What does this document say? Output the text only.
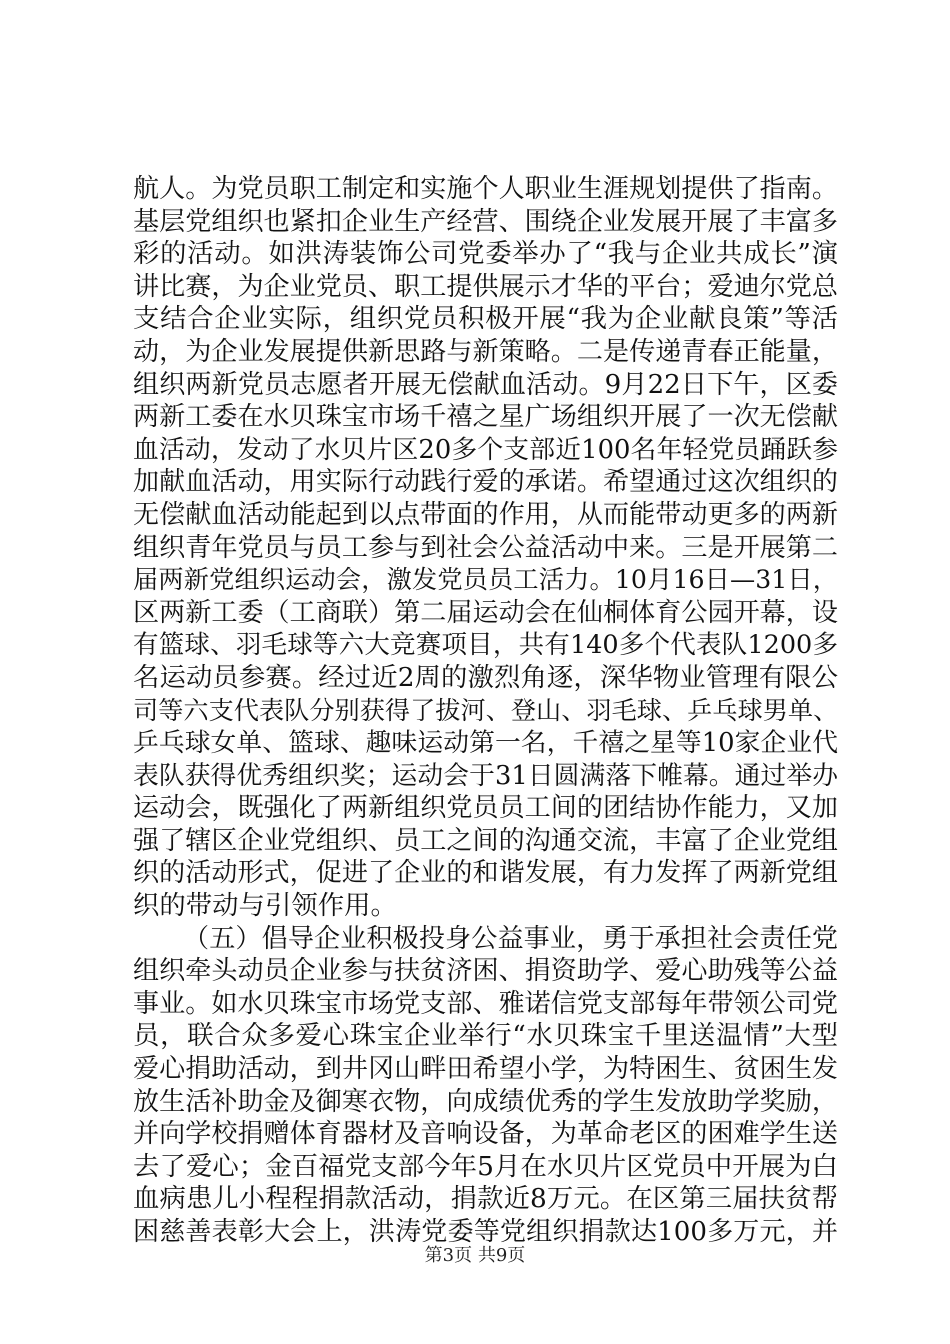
航人。为党员职工制定和实施个人职业生涯规划提供了指南。
基层党组织也紧扣企业生产经营、围绕企业发展开展了丰富多
彩的活动。如洪涛装饰公司党委举办了“我与企业共成长”演
讲比赛，为企业党员、职工提供展示才华的平台；爱迪尔党总
支结合企业实际，组织党员积极开展“我为企业献良策”等活
动，为企业发展提供新思路与新策略。二是传递青春正能量，
组织两新党员志愿者开展无偿献血活动。9月22日下午，区委
两新工委在水贝珠宝市场千禧之星广场组织开展了一次无偿献
血活动，发动了水贝片区20多个支部近100名年轻党员踊跃参
加献血活动，用实际行动践行爱的承诺。希望通过这次组织的
无偿献血活动能起到以点带面的作用，从而能带动更多的两新
组织青年党员与员工参与到社会公益活动中来。三是开展第二
届两新党组织运动会，激发党员员工活力。10月16日—31日，
区两新工委（工商联）第二届运动会在仙桐体育公园开幕，设
有篮球、羽毛球等六大竞赛项目，共有140多个代表队1200多
名运动员参赛。经过近2周的激烈角逐，深华物业管理有限公
司等六支代表队分别获得了拔河、登山、羽毛球、乒乓球男单、
乒乓球女单、篮球、趣味运动第一名，千禧之星等10家企业代
表队获得优秀组织奖；运动会于31日圆满落下帷幕。通过举办
运动会，既强化了两新组织党员员工间的团结协作能力，又加
强了辖区企业党组织、员工之间的沟通交流，丰富了企业党组
织的活动形式，促进了企业的和谐发展，有力发挥了两新党组
织的带动与引领作用。
（五）倡导企业积极投身公益事业，勇于承担社会责任党
组织牵头动员企业参与扶贫济困、捐资助学、爱心助残等公益
事业。如水贝珠宝市场党支部、雅诺信党支部每年带领公司党
员，联合众多爱心珠宝企业举行“水贝珠宝千里送温情”大型
爱心捐助活动，到井冈山畔田希望小学，为特困生、贫困生发
放生活补助金及御寒衣物，向成绩优秀的学生发放助学奖励，
并向学校捐赠体育器材及音响设备，为革命老区的困难学生送
去了爱心；金百福党支部今年5月在水贝片区党员中开展为白
血病患儿小程程捐款活动，捐款近8万元。在区第三届扶贫帮
困慈善表彰大会上，洪涛党委等党组织捐款达100多万元，并
第3页 共9页
